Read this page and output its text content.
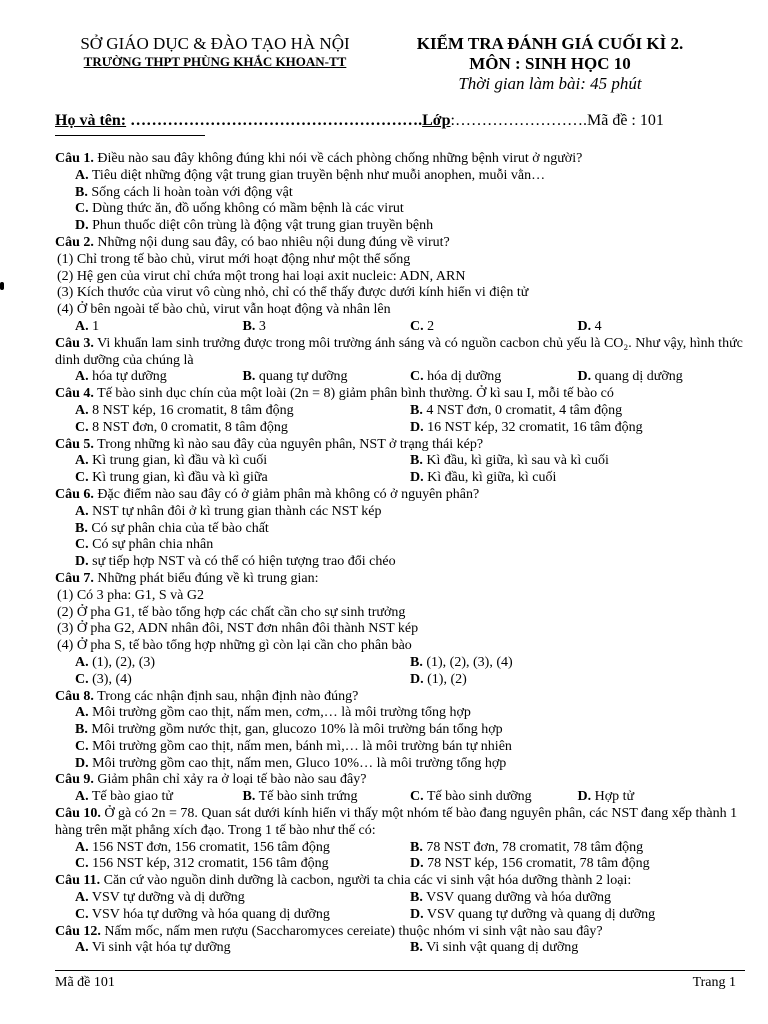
SỞ GIÁO DỤC & ĐÀO TẠO HÀ NỘI
TRƯỜNG THPT PHÙNG KHẮC KHOAN-TT
KIỂM TRA ĐÁNH GIÁ CUỐI KÌ 2.
MÔN : SINH HỌC 10
Thời gian làm bài: 45 phút
Họ và tên: ……………………………………………….Lớp:…………………….Mã đề : 101
Câu 1. Điều nào sau đây không đúng khi nói về cách phòng chống những bệnh virut ở người?
A. Tiêu diệt những động vật trung gian truyền bệnh như muỗi anophen, muỗi vằn…
B. Sống cách li hoàn toàn với động vật
C. Dùng thức ăn, đồ uống không có mầm bệnh là các virut
D. Phun thuốc diệt côn trùng là động vật trung gian truyền bệnh
Câu 2. Những nội dung sau đây, có bao nhiêu nội dung đúng về virut?
(1) Chỉ trong tế bào chủ, virut mới hoạt động như một thể sống
(2) Hệ gen của virut chỉ chứa một trong hai loại axit nucleic: ADN, ARN
(3) Kích thước của virut vô cùng nhỏ, chỉ có thể thấy được dưới kính hiển vi điện tử
(4) Ở bên ngoài tế bào chủ, virut vẫn hoạt động và nhân lên
A. 1	B. 3	C. 2	D. 4
Câu 3. Vi khuẩn lam sinh trưởng được trong môi trường ánh sáng và có nguồn cacbon chủ yếu là CO₂. Như vậy, hình thức dinh dưỡng của chúng là
A. hóa tự dưỡng	B. quang tự dưỡng	C. hóa dị dưỡng	D. quang dị dưỡng
Câu 4. Tế bào sinh dục chín của một loài (2n = 8) giảm phân bình thường. Ở kì sau I, mỗi tế bào có
A. 8 NST kép, 16 cromatit, 8 tâm động	B. 4 NST đơn, 0 cromatit, 4 tâm động
C. 8 NST đơn, 0 cromatit, 8 tâm động	D. 16 NST kép, 32 cromatit, 16 tâm động
Câu 5. Trong những kì nào sau đây của nguyên phân, NST ở trạng thái kép?
A. Kì trung gian, kì đầu và kì cuối	B. Kì đầu, kì giữa, kì sau và kì cuối
C. Kì trung gian, kì đầu và kì giữa	D. Kì đầu, kì giữa, kì cuối
Câu 6. Đặc điểm nào sau đây có ở giảm phân mà không có ở nguyên phân?
A. NST tự nhân đôi ở kì trung gian thành các NST kép
B. Có sự phân chia của tế bào chất
C. Có sự phân chia nhân
D. sự tiếp hợp NST và có thể có hiện tượng trao đổi chéo
Câu 7. Những phát biểu đúng về kì trung gian:
(1) Có 3 pha: G1, S và G2
(2) Ở pha G1, tế bào tổng hợp các chất cần cho sự sinh trưởng
(3) Ở pha G2, ADN nhân đôi, NST đơn nhân đôi thành NST kép
(4) Ở pha S, tế bào tổng hợp những gì còn lại cần cho phân bào
A. (1), (2), (3)	B. (1), (2), (3), (4)
C. (3), (4)	D. (1), (2)
Câu 8. Trong các nhận định sau, nhận định nào đúng?
A. Môi trường gồm cao thịt, nấm men, cơm,… là môi trường tổng hợp
B. Môi trường gồm nước thịt, gan, glucozo 10% là môi trường bán tổng hợp
C. Môi trường gồm cao thịt, nấm men, bánh mì,… là môi trường bán tự nhiên
D. Môi trường gồm cao thịt, nấm men, Gluco 10%… là môi trường tổng hợp
Câu 9. Giảm phân chỉ xảy ra ở loại tế bào nào sau đây?
A. Tế bào giao tử	B. Tế bào sinh trứng	C. Tế bào sinh dưỡng	D. Hợp tử
Câu 10. Ở gà có 2n = 78. Quan sát dưới kính hiển vi thấy một nhóm tế bào đang nguyên phân, các NST đang xếp thành 1 hàng trên mặt phẳng xích đạo. Trong 1 tế bào như thế có:
A. 156 NST đơn, 156 cromatit, 156 tâm động	B. 78 NST đơn, 78 cromatit, 78 tâm động
C. 156 NST kép, 312 cromatit, 156 tâm động	D. 78 NST kép, 156 cromatit, 78 tâm động
Câu 11. Căn cứ vào nguồn dinh dưỡng là cacbon, người ta chia các vi sinh vật hóa dưỡng thành 2 loại:
A. VSV tự dưỡng và dị dưỡng	B. VSV quang dưỡng và hóa dưỡng
C. VSV hóa tự dưỡng và hóa quang dị dưỡng	D. VSV quang tự dưỡng và quang dị dưỡng
Câu 12. Nấm mốc, nấm men rượu (Saccharomyces cereiate) thuộc nhóm vi sinh vật nào sau đây?
A. Vi sinh vật hóa tự dưỡng	B. Vi sinh vật quang dị dưỡng
Mã đề 101	Trang 1
